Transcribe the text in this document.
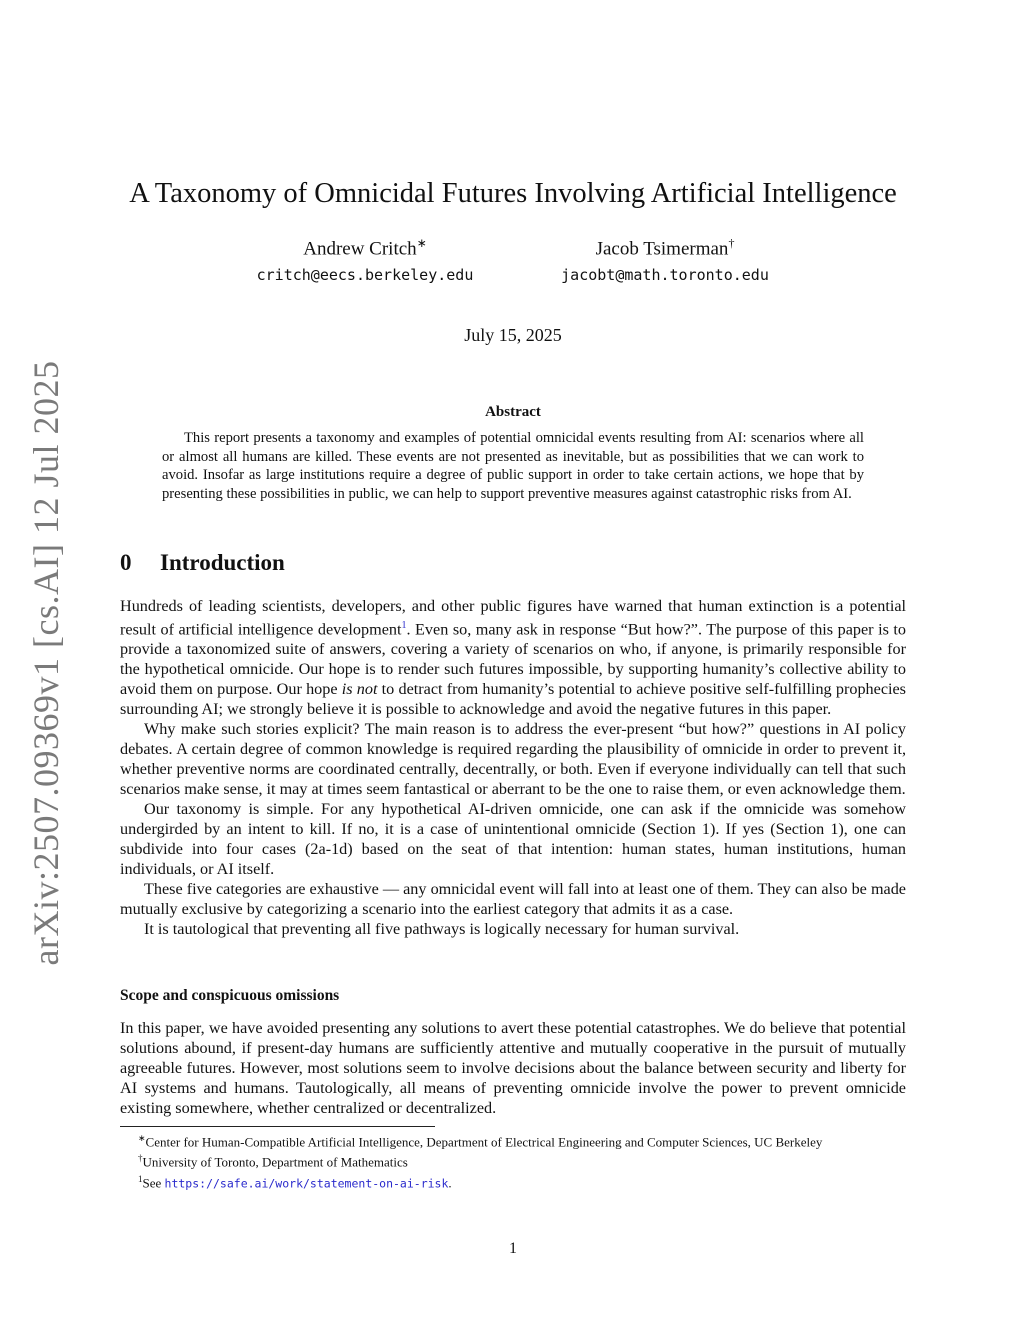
arXiv:2507.09369v1 [cs.AI] 12 Jul 2025
A Taxonomy of Omnicidal Futures Involving Artificial Intelligence
Andrew Critch∗
critch@eecs.berkeley.edu
Jacob Tsimerman†
jacobt@math.toronto.edu
July 15, 2025
Abstract
This report presents a taxonomy and examples of potential omnicidal events resulting from AI: scenarios where all or almost all humans are killed. These events are not presented as inevitable, but as possibilities that we can work to avoid. Insofar as large institutions require a degree of public support in order to take certain actions, we hope that by presenting these possibilities in public, we can help to support preventive measures against catastrophic risks from AI.
0 Introduction

Hundreds of leading scientists, developers, and other public figures have warned that human extinction is a potential result of artificial intelligence development$^1$. Even so, many ask in response “But how?”. The purpose of this paper is to provide a taxonomized suite of answers, covering a variety of scenarios on who, if anyone, is primarily responsible for the hypothetical omnicide. Our hope is to render such futures impossible, by supporting humanity’s collective ability to avoid them on purpose. Our hope is not to detract from humanity’s potential to achieve positive self-fulfilling prophecies surrounding AI; we strongly believe it is possible to acknowledge and avoid the negative futures in this paper.

Why make such stories explicit? The main reason is to address the ever-present “but how?” questions in AI policy debates. A certain degree of common knowledge is required regarding the plausibility of omnicide in order to prevent it, whether preventive norms are coordinated centrally, decentrally, or both. Even if everyone individually can tell that such scenarios make sense, it may at times seem fantastical or aberrant to be the one to raise them, or even acknowledge them.

Our taxonomy is simple. For any hypothetical AI-driven omnicide, one can ask if the omnicide was somehow undergirded by an intent to kill. If no, it is a case of unintentional omnicide (Section 1). If yes (Section 1), one can subdivide into four cases (2a-1d) based on the seat of that intention: human states, human institutions, human individuals, or AI itself.

These five categories are exhaustive — any omnicidal event will fall into at least one of them. They can also be made mutually exclusive by categorizing a scenario into the earliest category that admits it as a case.

It is tautological that preventing all five pathways is logically necessary for human survival.

Scope and conspicuous omissions

In this paper, we have avoided presenting any solutions to avert these potential catastrophes. We do believe that potential solutions abound, if present-day humans are sufficiently attentive and mutually cooperative in the pursuit of mutually agreeable futures. However, most solutions seem to involve decisions about the balance between security and liberty for AI systems and humans. Tautologically, all means of preventing omnicide involve the power to prevent omnicide existing somewhere, whether centralized or decentralized.

∗Center for Human-Compatible Artificial Intelligence, Department of Electrical Engineering and Computer Sciences, UC Berkeley

†University of Toronto, Department of Mathematics

$^1$See https://safe.ai/work/statement-on-ai-risk.

1
